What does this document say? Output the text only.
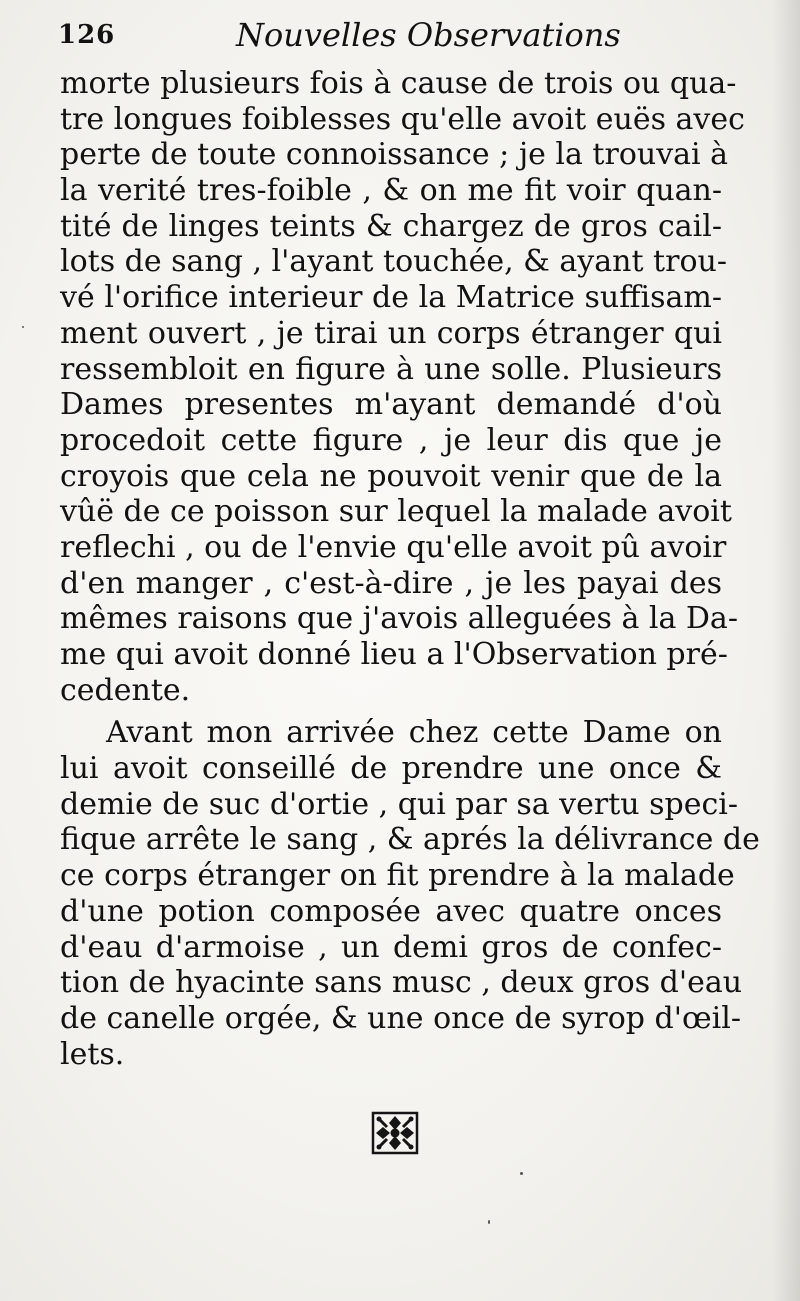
126	Nouvelles Observations
morte plusieurs fois à cause de trois ou qua-
tre longues foiblesses qu'elle avoit euës avec
perte de toute connoissance ; je la trouvai à
la verité tres-foible , & on me fit voir quan-
tité de linges teints & chargez de gros cail-
lots de sang , l'ayant touchée, & ayant trou-
vé l'orifice interieur de la Matrice suffisam-
ment ouvert , je tirai un corps étranger qui
ressembloit en figure à une solle. Plusieurs
Dames presentes m'ayant demandé d'où
procedoit cette figure , je leur dis que je
croyois que cela ne pouvoit venir que de la
vûë de ce poisson sur lequel la malade avoit
reflechi , ou de l'envie qu'elle avoit pû avoir
d'en manger , c'est-à-dire , je les payai des
mêmes raisons que j'avois alleguées à la Da-
me qui avoit donné lieu a l'Observation pré-
cedente.
Avant mon arrivée chez cette Dame on
lui avoit conseillé de prendre une once &
demie de suc d'ortie , qui par sa vertu speci-
fique arrête le sang , & aprés la délivrance de
ce corps étranger on fit prendre à la malade
d'une potion composée avec quatre onces
d'eau d'armoise , un demi gros de confec-
tion de hyacinte sans musc , deux gros d'eau
de canelle orgée, & une once de syrop d'œil-
lets.
